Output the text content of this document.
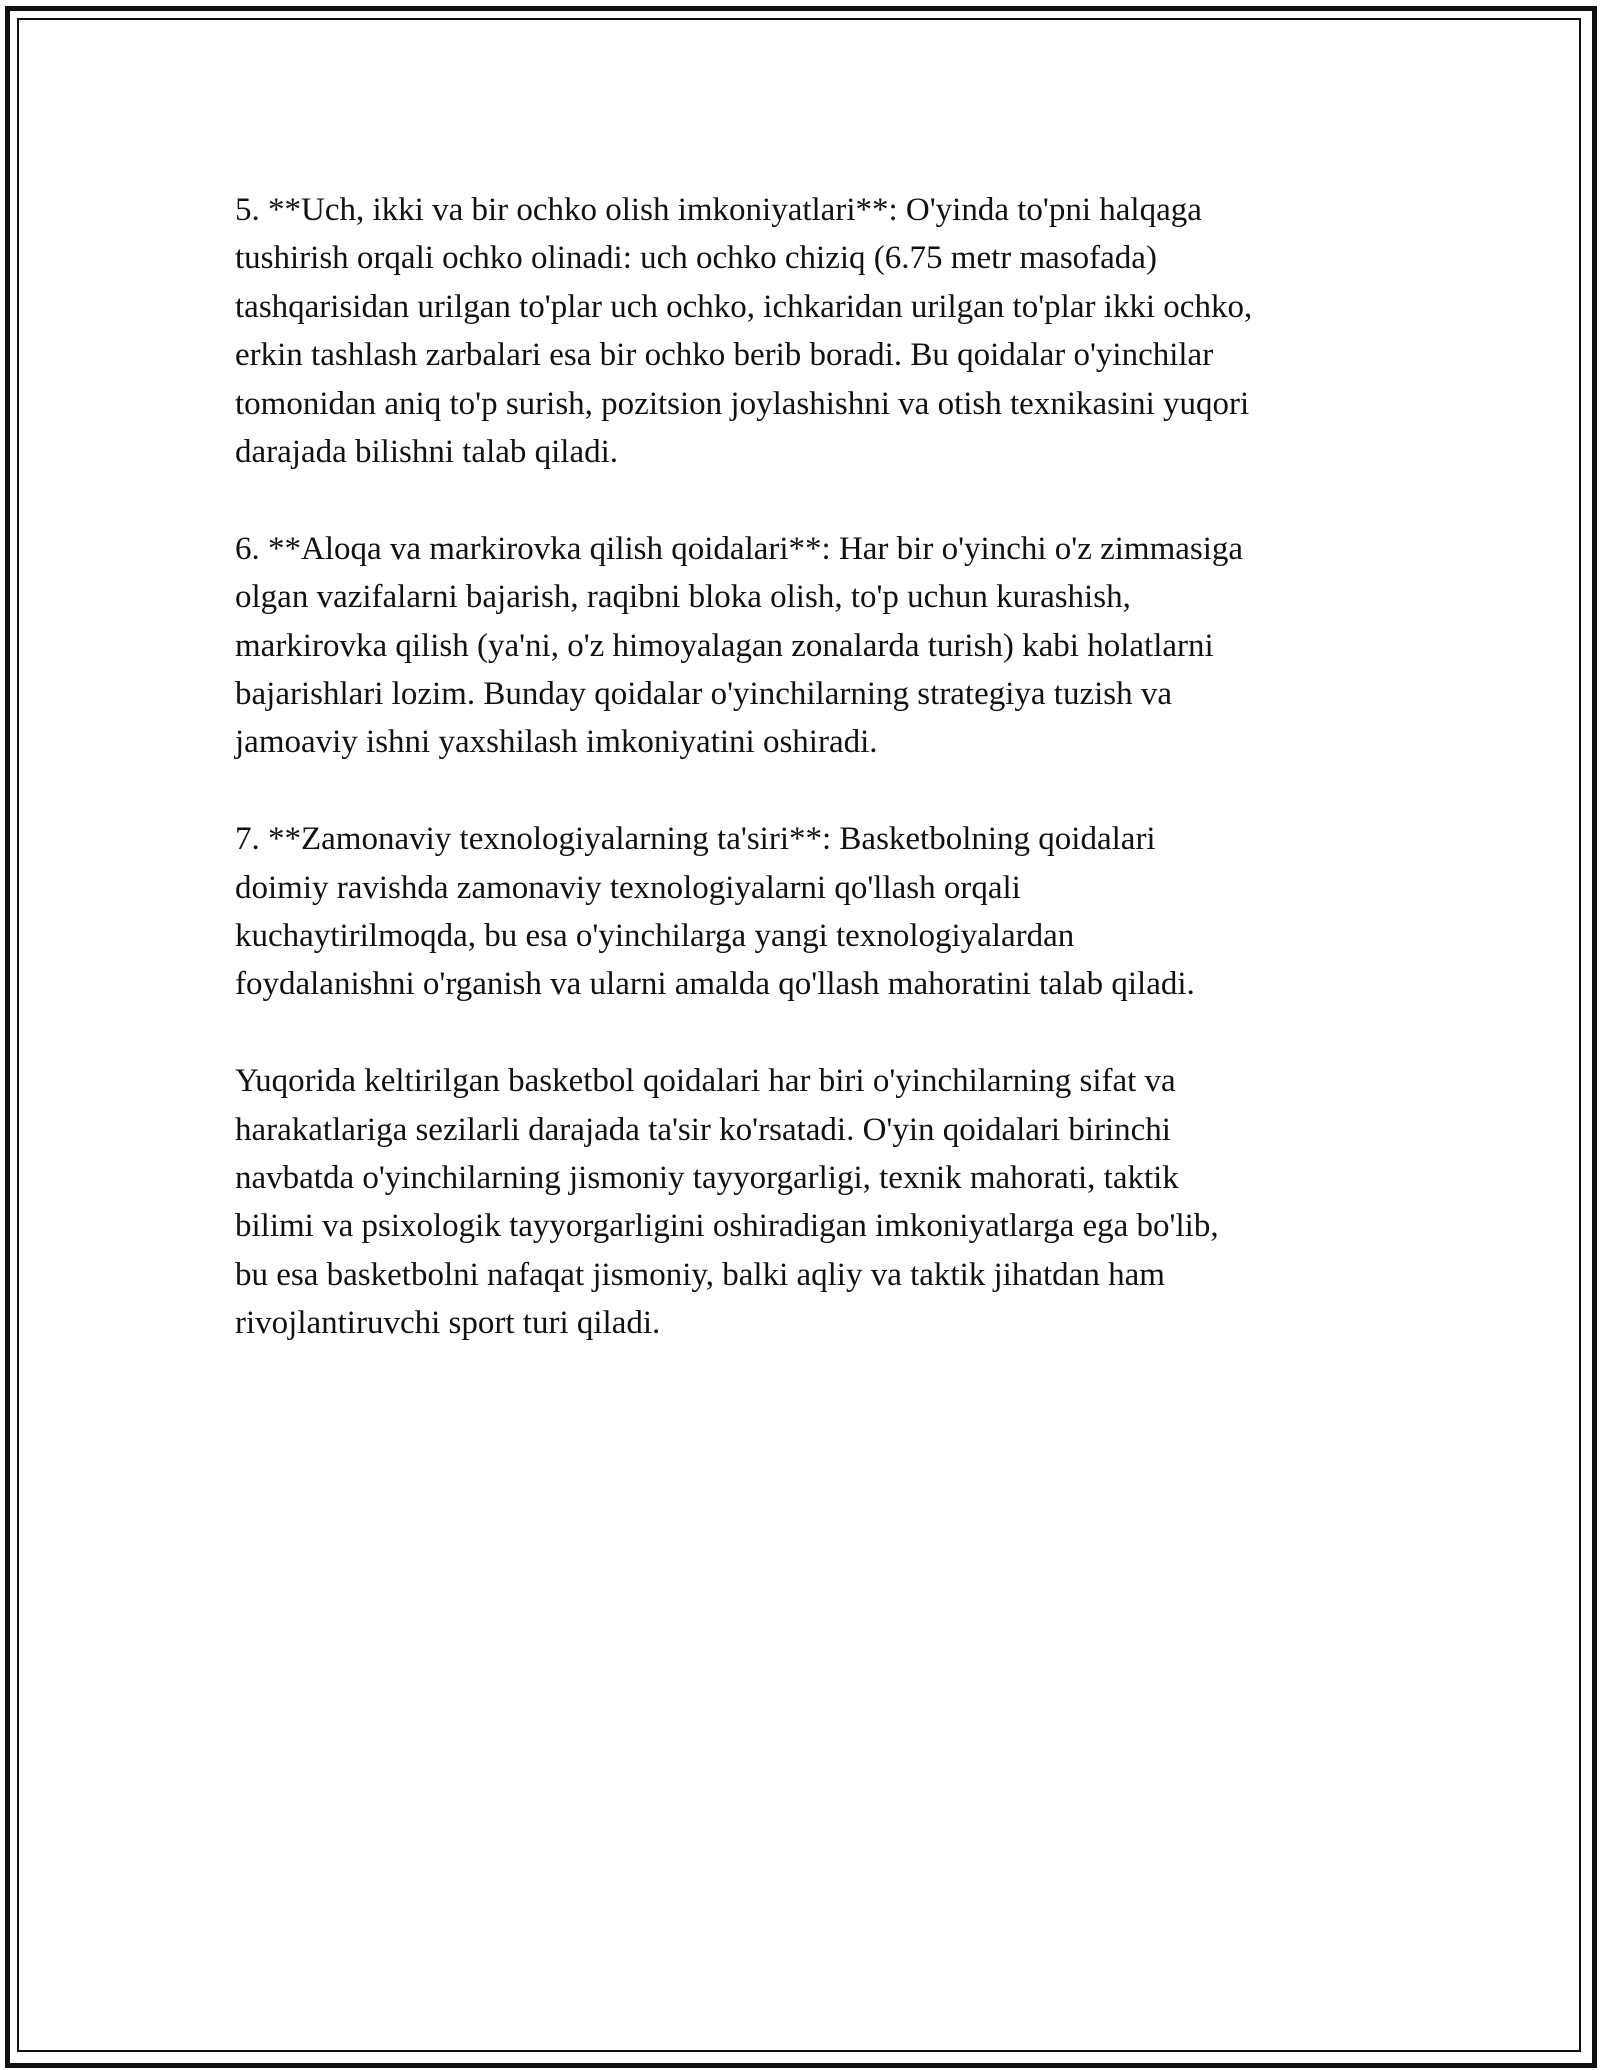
5. **Uch, ikki va bir ochko olish imkoniyatlari**: O'yinda to'pni halqaga
tushirish orqali ochko olinadi: uch ochko chiziq (6.75 metr masofada)
tashqarisidan urilgan to'plar uch ochko, ichkaridan urilgan to'plar ikki ochko,
erkin tashlash zarbalari esa bir ochko berib boradi. Bu qoidalar o'yinchilar
tomonidan aniq to'p surish, pozitsion joylashishni va otish texnikasini yuqori
darajada bilishni talab qiladi.

6. **Aloqa va markirovka qilish qoidalari**: Har bir o'yinchi o'z zimmasiga
olgan vazifalarni bajarish, raqibni bloka olish, to'p uchun kurashish,
markirovka qilish (ya'ni, o'z himoyalagan zonalarda turish) kabi holatlarni
bajarishlari lozim. Bunday qoidalar o'yinchilarning strategiya tuzish va
jamoaviy ishni yaxshilash imkoniyatini oshiradi.

7. **Zamonaviy texnologiyalarning ta'siri**: Basketbolning qoidalari
doimiy ravishda zamonaviy texnologiyalarni qo'llash orqali
kuchaytirilmoqda, bu esa o'yinchilarga yangi texnologiyalardan
foydalanishni o'rganish va ularni amalda qo'llash mahoratini talab qiladi.

Yuqorida keltirilgan basketbol qoidalari har biri o'yinchilarning sifat va
harakatlariga sezilarli darajada ta'sir ko'rsatadi. O'yin qoidalari birinchi
navbatda o'yinchilarning jismoniy tayyorgarligi, texnik mahorati, taktik
bilimi va psixologik tayyorgarligini oshiradigan imkoniyatlarga ega bo'lib,
bu esa basketbolni nafaqat jismoniy, balki aqliy va taktik jihatdan ham
rivojlantiruvchi sport turi qiladi.
